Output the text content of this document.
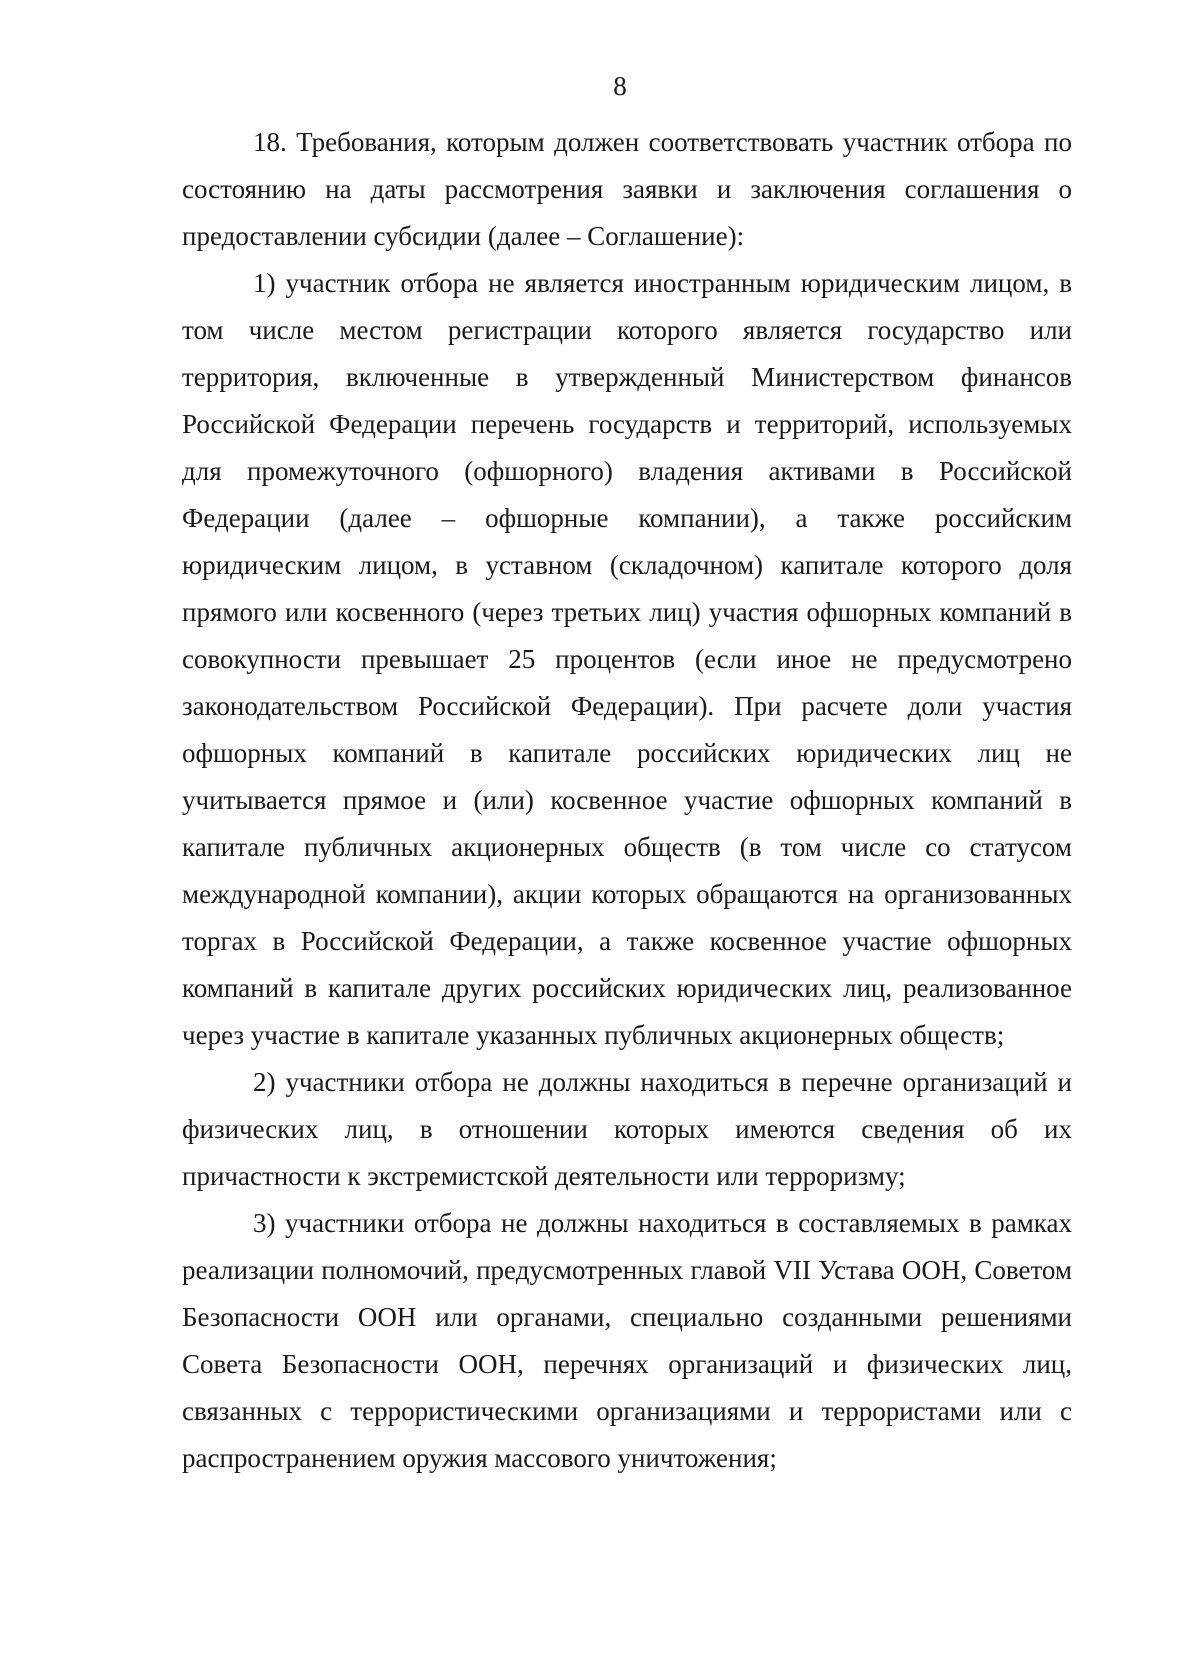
8

18. Требования, которым должен соответствовать участник отбора по состоянию на даты рассмотрения заявки и заключения соглашения о предоставлении субсидии (далее – Соглашение):

1) участник отбора не является иностранным юридическим лицом, в том числе местом регистрации которого является государство или территория, включенные в утвержденный Министерством финансов Российской Федерации перечень государств и территорий, используемых для промежуточного (офшорного) владения активами в Российской Федерации (далее – офшорные компании), а также российским юридическим лицом, в уставном (складочном) капитале которого доля прямого или косвенного (через третьих лиц) участия офшорных компаний в совокупности превышает 25 процентов (если иное не предусмотрено законодательством Российской Федерации). При расчете доли участия офшорных компаний в капитале российских юридических лиц не учитывается прямое и (или) косвенное участие офшорных компаний в капитале публичных акционерных обществ (в том числе со статусом международной компании), акции которых обращаются на организованных торгах в Российской Федерации, а также косвенное участие офшорных компаний в капитале других российских юридических лиц, реализованное через участие в капитале указанных публичных акционерных обществ;

2) участники отбора не должны находиться в перечне организаций и физических лиц, в отношении которых имеются сведения об их причастности к экстремистской деятельности или терроризму;

3) участники отбора не должны находиться в составляемых в рамках реализации полномочий, предусмотренных главой VII Устава ООН, Советом Безопасности ООН или органами, специально созданными решениями Совета Безопасности ООН, перечнях организаций и физических лиц, связанных с террористическими организациями и террористами или с распространением оружия массового уничтожения;
